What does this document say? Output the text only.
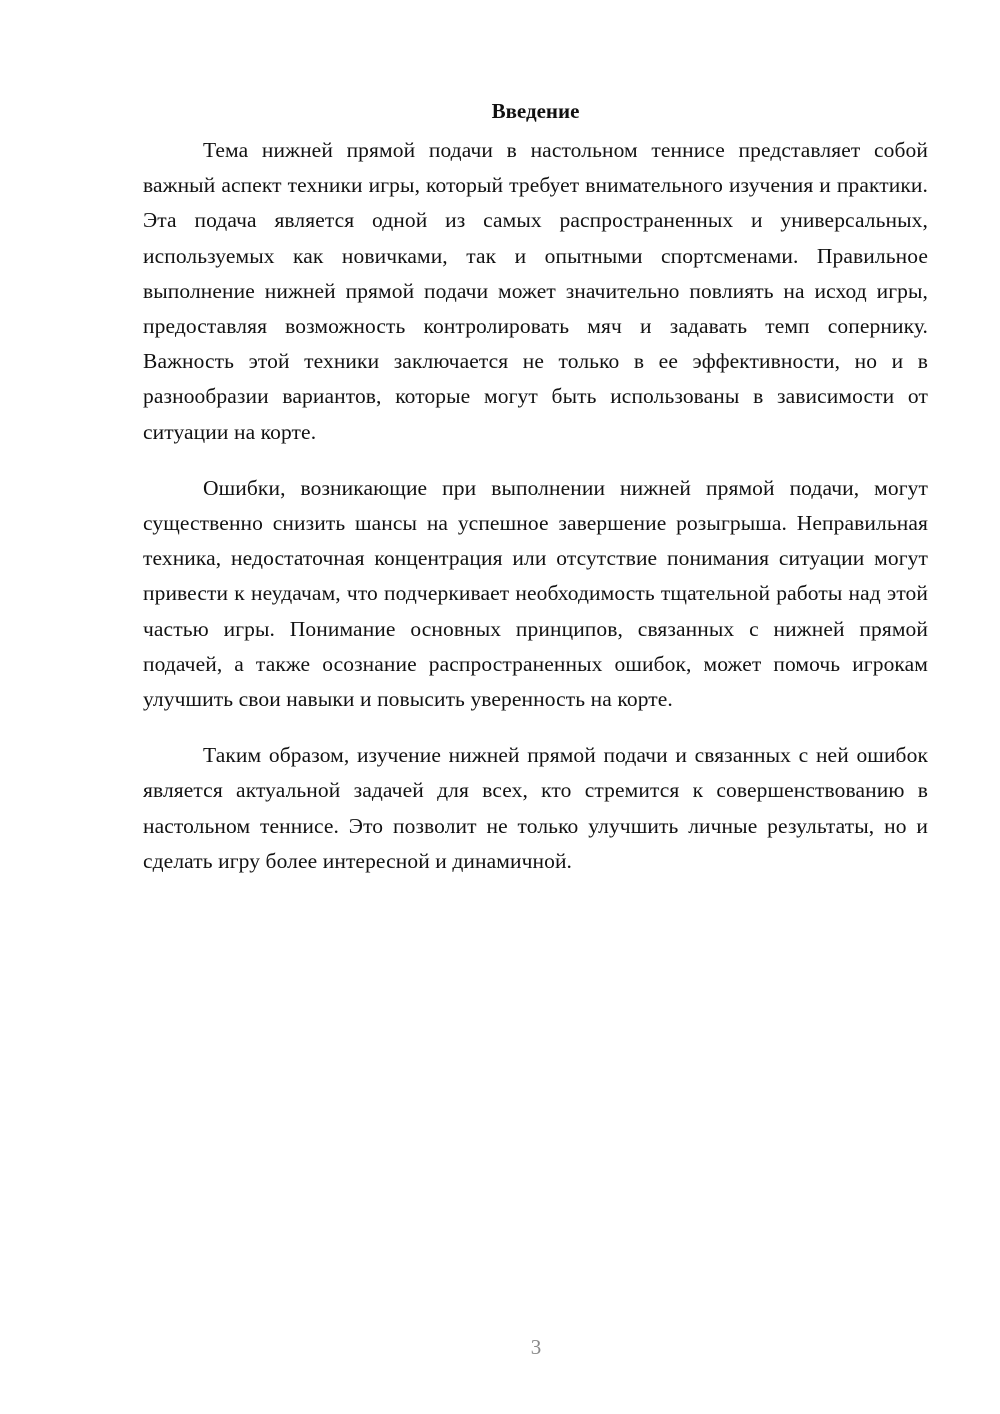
Введение

Тема нижней прямой подачи в настольном теннисе представляет собой важный аспект техники игры, который требует внимательного изучения и практики. Эта подача является одной из самых распространенных и универсальных, используемых как новичками, так и опытными спортсменами. Правильное выполнение нижней прямой подачи может значительно повлиять на исход игры, предоставляя возможность контролировать мяч и задавать темп сопернику. Важность этой техники заключается не только в ее эффективности, но и в разнообразии вариантов, которые могут быть использованы в зависимости от ситуации на корте.

Ошибки, возникающие при выполнении нижней прямой подачи, могут существенно снизить шансы на успешное завершение розыгрыша. Неправильная техника, недостаточная концентрация или отсутствие понимания ситуации могут привести к неудачам, что подчеркивает необходимость тщательной работы над этой частью игры. Понимание основных принципов, связанных с нижней прямой подачей, а также осознание распространенных ошибок, может помочь игрокам улучшить свои навыки и повысить уверенность на корте.

Таким образом, изучение нижней прямой подачи и связанных с ней ошибок является актуальной задачей для всех, кто стремится к совершенствованию в настольном теннисе. Это позволит не только улучшить личные результаты, но и сделать игру более интересной и динамичной.

3
